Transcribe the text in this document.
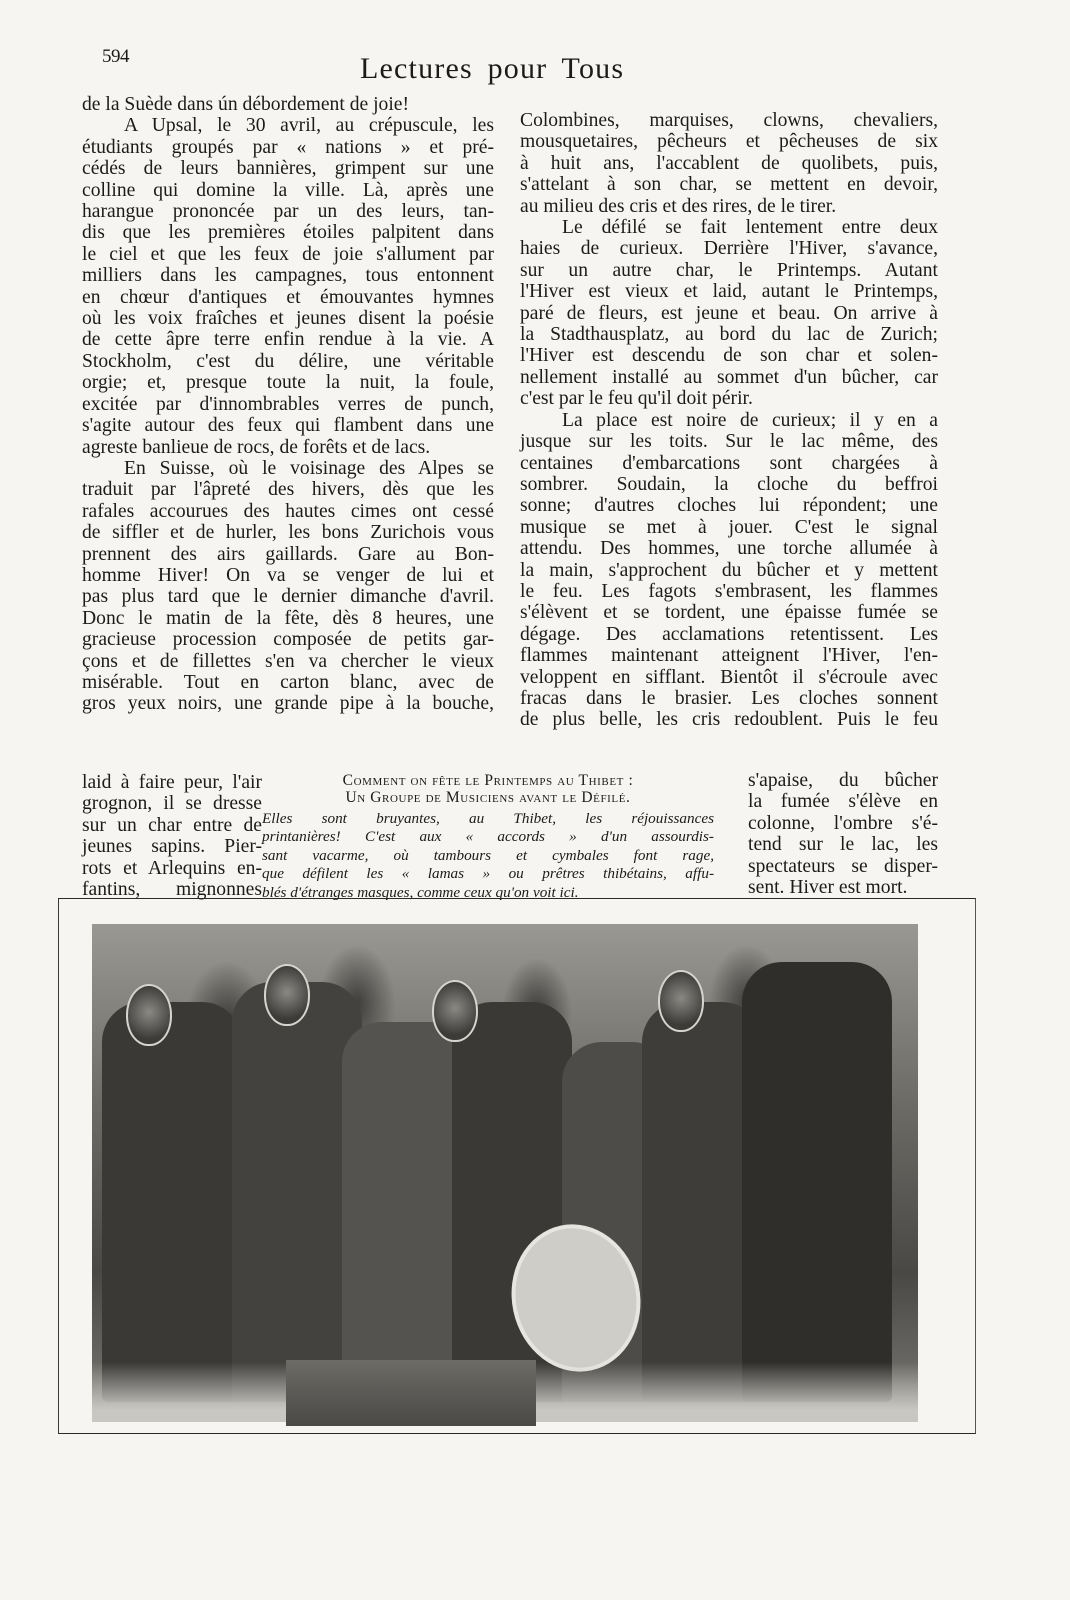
594	Lectures pour Tous
de la Suède dans ún débordement de joie!
A Upsal, le 30 avril, au crépuscule, les
étudiants groupés par « nations » et pré-
cédés de leurs bannières, grimpent sur une
colline qui domine la ville. Là, après une
harangue prononcée par un des leurs, tan-
dis que les premières étoiles palpitent dans
le ciel et que les feux de joie s'allument par
milliers dans les campagnes, tous entonnent
en chœur d'antiques et émouvantes hymnes
où les voix fraîches et jeunes disent la poésie
de cette âpre terre enfin rendue à la vie. A
Stockholm, c'est du délire, une véritable
orgie; et, presque toute la nuit, la foule,
excitée par d'innombrables verres de punch,
s'agite autour des feux qui flambent dans une
agreste banlieue de rocs, de forêts et de lacs.
En Suisse, où le voisinage des Alpes se
traduit par l'âpreté des hivers, dès que les
rafales accourues des hautes cimes ont cessé
de siffler et de hurler, les bons Zurichois vous
prennent des airs gaillards. Gare au Bon-
homme Hiver! On va se venger de lui et
pas plus tard que le dernier dimanche d'avril.
Donc le matin de la fête, dès 8 heures, une
gracieuse procession composée de petits gar-
çons et de fillettes s'en va chercher le vieux
misérable. Tout en carton blanc, avec de
gros yeux noirs, une grande pipe à la bouche,
laid à faire peur, l'air
grognon, il se dresse
sur un char entre de
jeunes sapins. Pier-
rots et Arlequins en-
fantins, mignonnes
Colombines, marquises, clowns, chevaliers,
mousquetaires, pêcheurs et pêcheuses de six
à huit ans, l'accablent de quolibets, puis,
s'attelant à son char, se mettent en devoir,
au milieu des cris et des rires, de le tirer.
Le défilé se fait lentement entre deux
haies de curieux. Derrière l'Hiver, s'avance,
sur un autre char, le Printemps. Autant
l'Hiver est vieux et laid, autant le Printemps,
paré de fleurs, est jeune et beau. On arrive à
la Stadthausplatz, au bord du lac de Zurich;
l'Hiver est descendu de son char et solen-
nellement installé au sommet d'un bûcher, car
c'est par le feu qu'il doit périr.
La place est noire de curieux; il y en a
jusque sur les toits. Sur le lac même, des
centaines d'embarcations sont chargées à
sombrer. Soudain, la cloche du beffroi
sonne; d'autres cloches lui répondent; une
musique se met à jouer. C'est le signal
attendu. Des hommes, une torche allumée à
la main, s'approchent du bûcher et y mettent
le feu. Les fagots s'embrasent, les flammes
s'élèvent et se tordent, une épaisse fumée se
dégage. Des acclamations retentissent. Les
flammes maintenant atteignent l'Hiver, l'en-
veloppent en sifflant. Bientôt il s'écroule avec
fracas dans le brasier. Les cloches sonnent
de plus belle, les cris redoublent. Puis le feu
s'apaise, du bûcher
la fumée s'élève en
colonne, l'ombre s'é-
tend sur le lac, les
spectateurs se disper-
sent. Hiver est mort.
Comment on fête le Printemps au Thibet :
Un Groupe de Musiciens avant le Défilé.
Elles sont bruyantes, au Thibet, les réjouissances
printanières! C'est aux « accords » d'un assourdis-
sant vacarme, où tambours et cymbales font rage,
que défilent les « lamas » ou prêtres thibétains, affu-
blés d'étranges masques, comme ceux qu'on voit ici.
